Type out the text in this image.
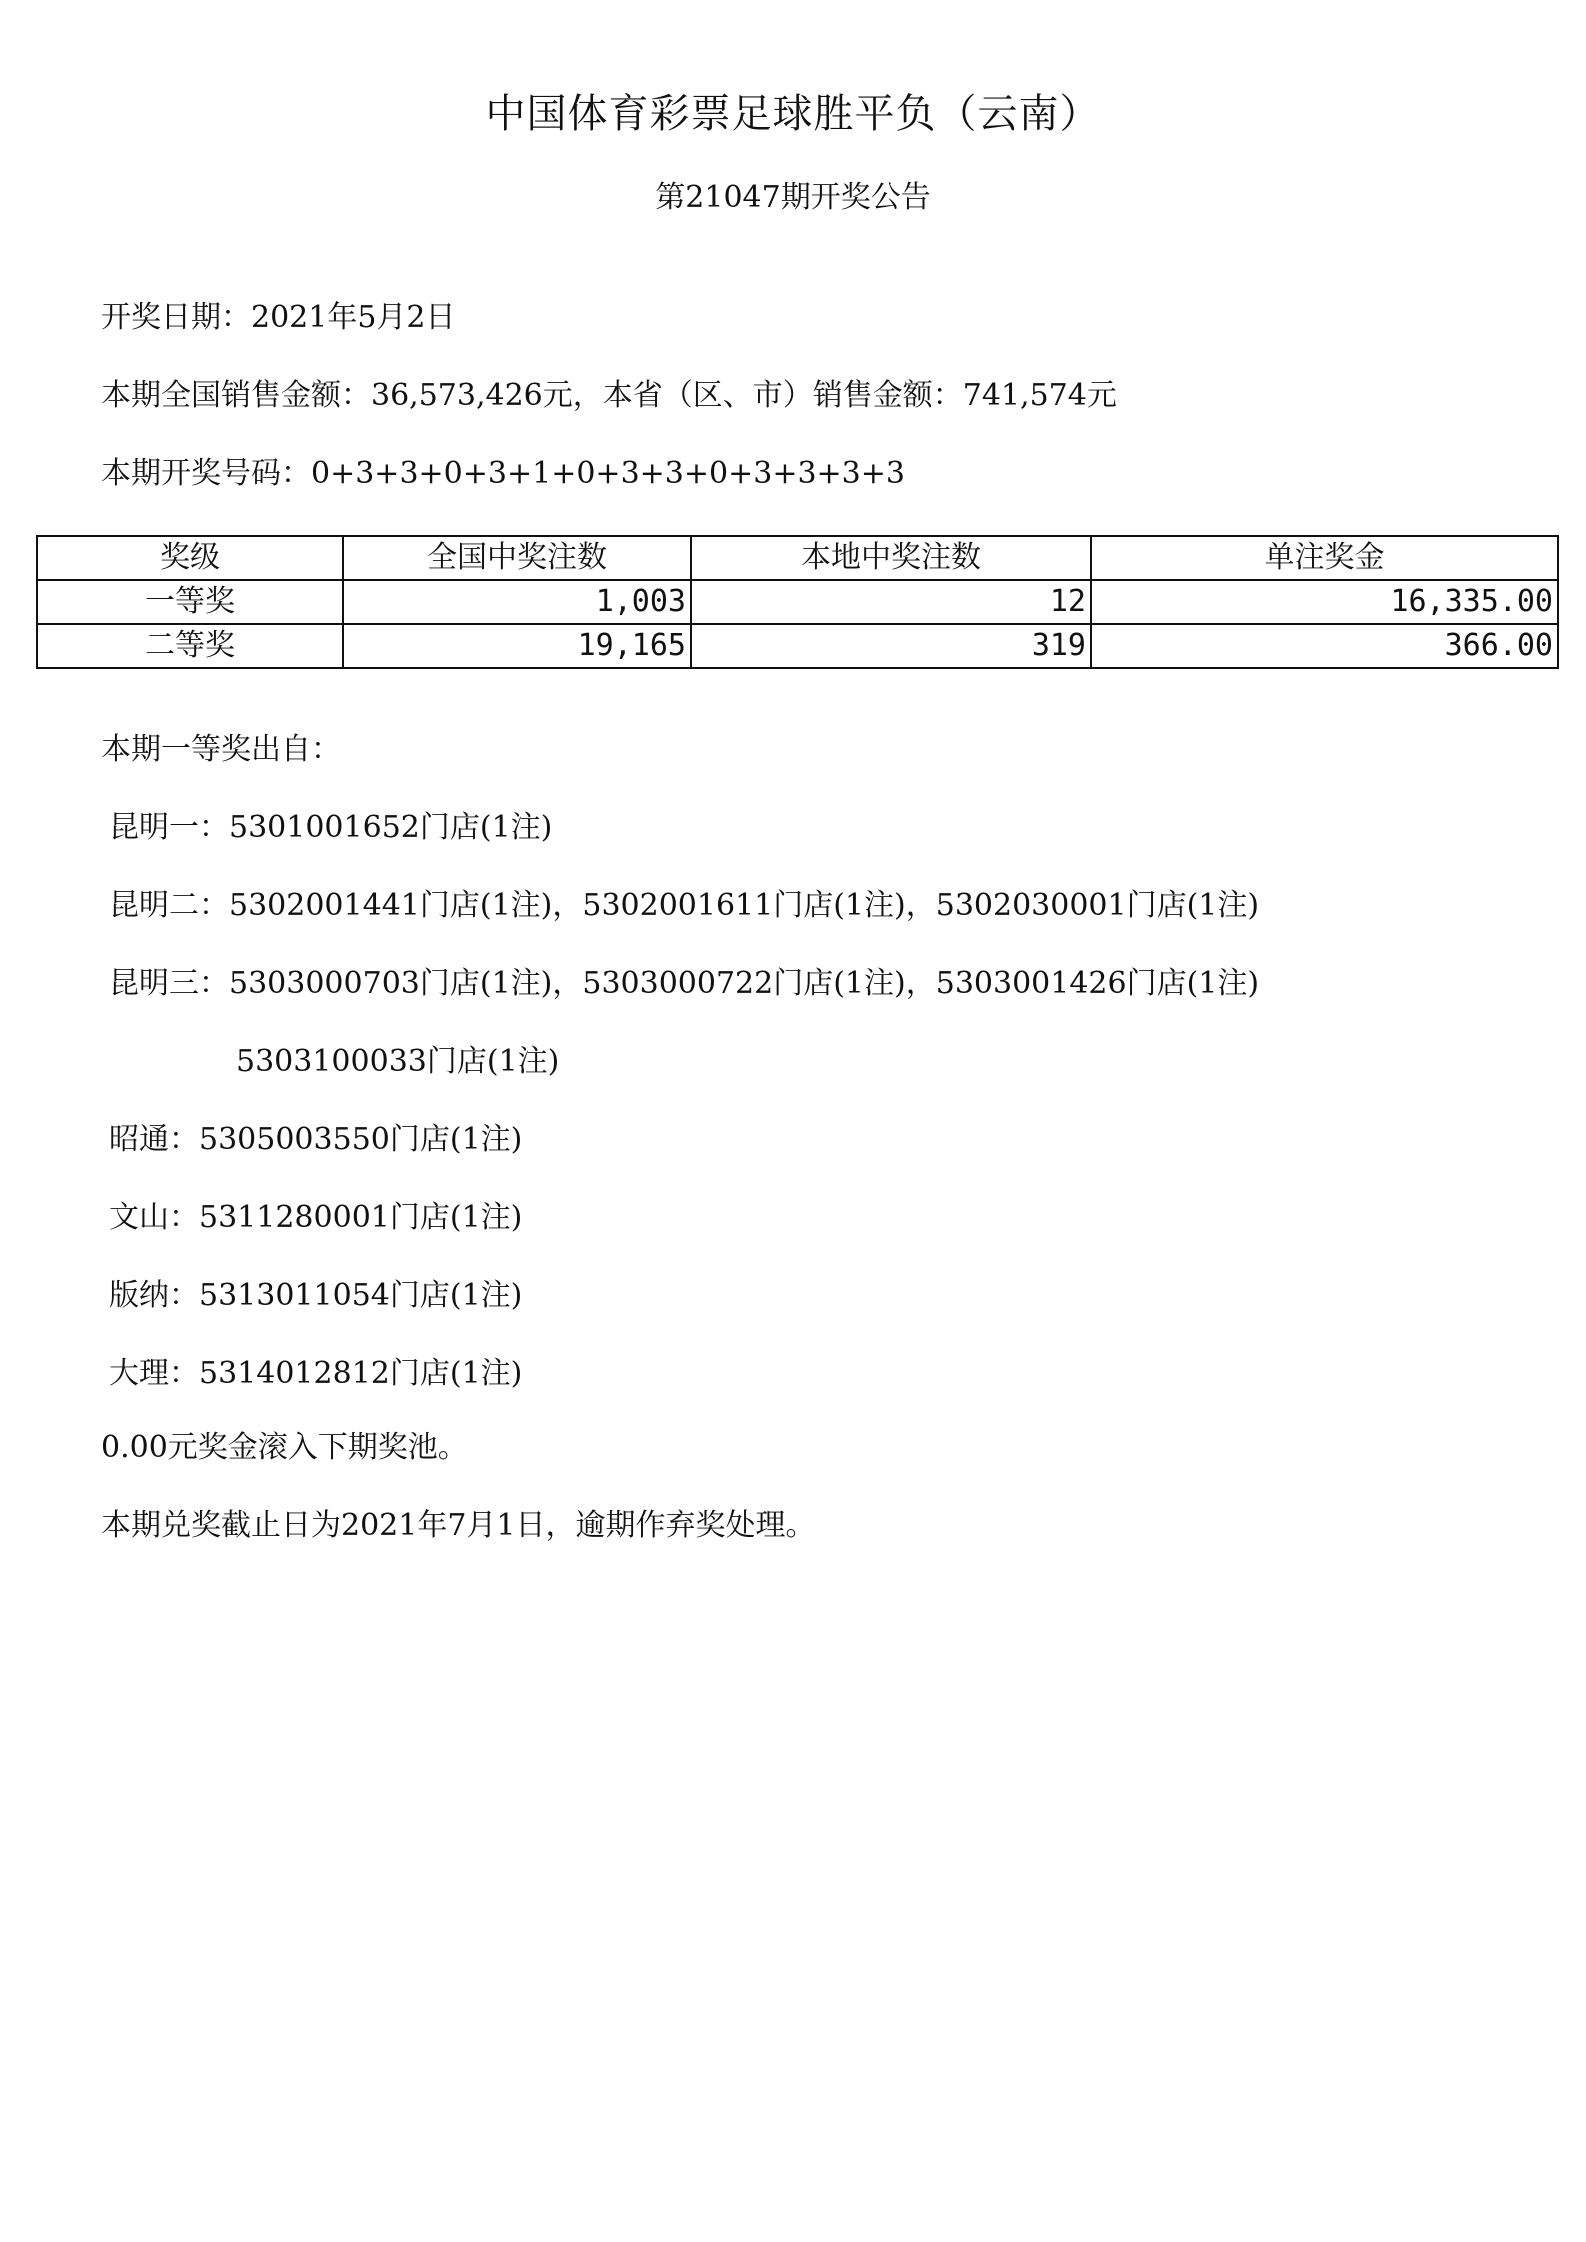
中国体育彩票足球胜平负（云南）
第21047期开奖公告
开奖日期：2021年5月2日
本期全国销售金额：36,573,426元，本省（区、市）销售金额：741,574元
本期开奖号码：0+3+3+0+3+1+0+3+3+0+3+3+3+3
奖级	全国中奖注数	本地中奖注数	单注奖金
一等奖	1,003	12	16,335.00
二等奖	19,165	319	366.00
本期一等奖出自：
昆明一：5301001652门店(1注)
昆明二：5302001441门店(1注)，5302001611门店(1注)，5302030001门店(1注)
昆明三：5303000703门店(1注)，5303000722门店(1注)，5303001426门店(1注)
5303100033门店(1注)
昭通：5305003550门店(1注)
文山：5311280001门店(1注)
版纳：5313011054门店(1注)
大理：5314012812门店(1注)
0.00元奖金滚入下期奖池。
本期兑奖截止日为2021年7月1日，逾期作弃奖处理。
